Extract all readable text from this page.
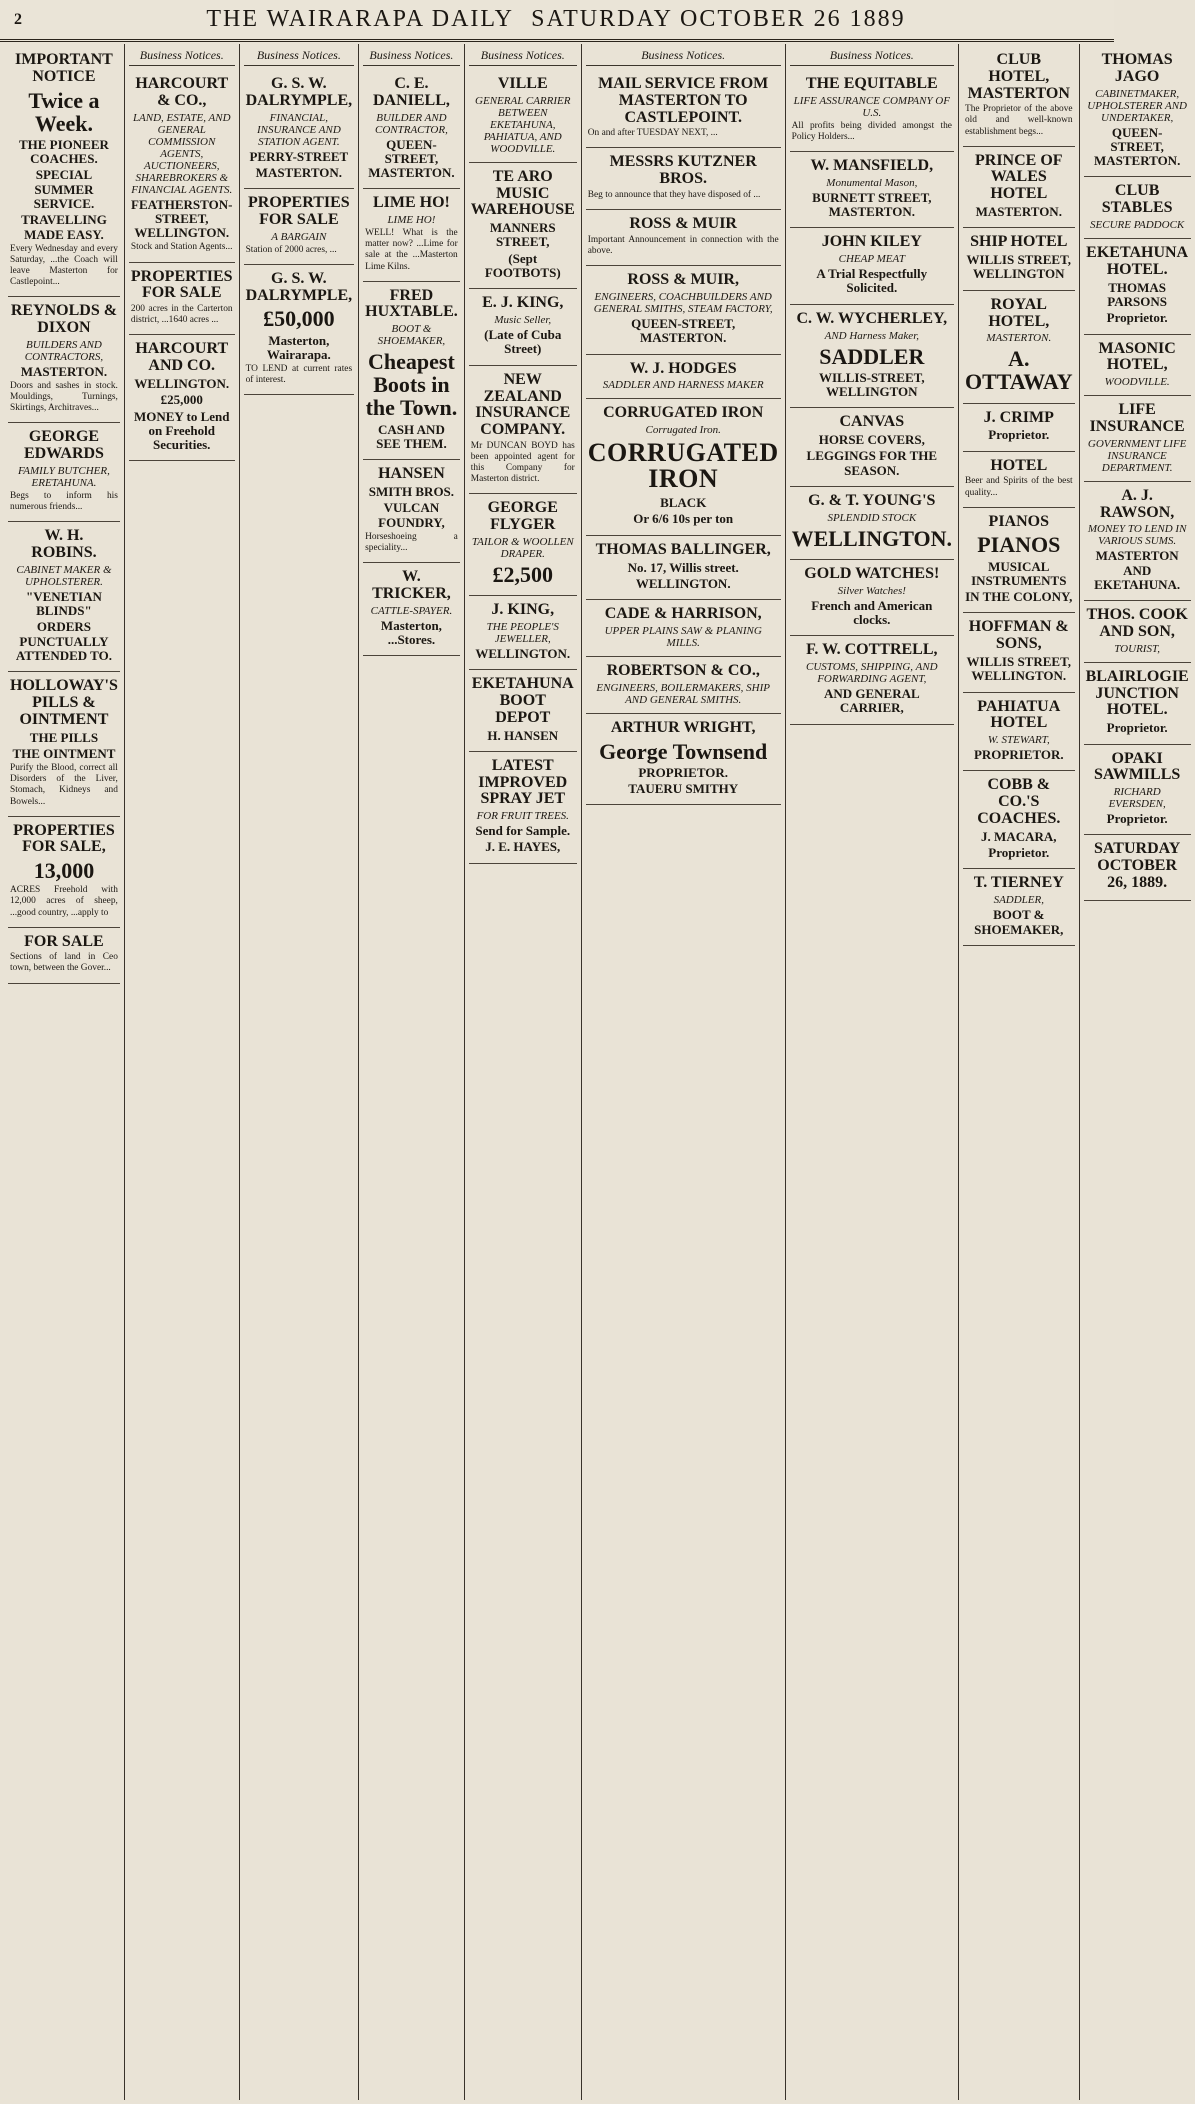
2	THE WAIRARAPA DAILY SATURDAY OCTOBER 26 1889
IMPORTANT NOTICE
Twice a Week.
THE PIONEER COACHES.
SPECIAL SUMMER SERVICE.
TRAVELLING MADE EASY.

Every Wednesday and every Saturday, ...the Coach will leave Masterton for Castlepoint...

REYNOLDS & DIXON
BUILDERS AND CONTRACTORS,
MASTERTON.

Doors and sashes in stock. Mouldings, Turnings, Skirtings, Architraves...

GEORGE EDWARDS
FAMILY BUTCHER, ERETAHUNA.

Begs to inform his numerous friends...

W. H. ROBINS.
CABINET MAKER & UPHOLSTERER.
"VENETIAN BLINDS"
ORDERS PUNCTUALLY ATTENDED TO.
HOLLOWAY'S PILLS & OINTMENT
THE PILLS
THE OINTMENT

Purify the Blood, correct all Disorders of the Liver, Stomach, Kidneys and Bowels...

PROPERTIES FOR SALE,
13,000

ACRES Freehold with 12,000 acres of sheep, ...good country, ...apply to

FOR SALE

Sections of land in Ceo town, between the Gover...

Business Notices.
HARCOURT & CO.,
LAND, ESTATE, AND GENERAL COMMISSION AGENTS, AUCTIONEERS, SHAREBROKERS & FINANCIAL AGENTS.
FEATHERSTON-STREET, WELLINGTON.

Stock and Station Agents...

PROPERTIES FOR SALE

200 acres in the Carterton district, ...1640 acres ...

HARCOURT AND CO.
WELLINGTON.
£25,000
MONEY to Lend on Freehold Securities.
Business Notices.
G. S. W. DALRYMPLE,
FINANCIAL, INSURANCE AND STATION AGENT.
PERRY-STREET
MASTERTON.
PROPERTIES FOR SALE
A BARGAIN

Station of 2000 acres, ...

G. S. W. DALRYMPLE,
£50,000
Masterton, Wairarapa.

TO LEND at current rates of interest.

Business Notices.
C. E. DANIELL,
BUILDER AND CONTRACTOR,
QUEEN-STREET, MASTERTON.
LIME HO!
LIME HO!

WELL! What is the matter now? ...Lime for sale at the ...Masterton Lime Kilns.

FRED HUXTABLE.
BOOT & SHOEMAKER,
Cheapest Boots in the Town.
CASH AND SEE THEM.
HANSEN
SMITH BROS.
VULCAN FOUNDRY,

Horseshoeing a speciality...

W. TRICKER,
CATTLE-SPAYER.
Masterton, ...Stores.
Business Notices.
VILLE
GENERAL CARRIER BETWEEN EKETAHUNA, PAHIATUA, AND WOODVILLE.
TE ARO MUSIC WAREHOUSE
MANNERS STREET,
(Sept FOOTBOTS)
E. J. KING,
Music Seller,
(Late of Cuba Street)
NEW ZEALAND INSURANCE COMPANY.

Mr DUNCAN BOYD has been appointed agent for this Company for Masterton district.

GEORGE FLYGER
TAILOR & WOOLLEN DRAPER.
£2,500
J. KING,
THE PEOPLE'S JEWELLER,
WELLINGTON.
EKETAHUNA BOOT DEPOT
H. HANSEN
LATEST IMPROVED SPRAY JET
FOR FRUIT TREES.
Send for Sample.
J. E. HAYES,
Business Notices.
MAIL SERVICE FROM MASTERTON TO CASTLEPOINT.

On and after TUESDAY NEXT, ...

MESSRS KUTZNER BROS.

Beg to announce that they have disposed of ...

ROSS & MUIR

Important Announcement in connection with the above.

ROSS & MUIR,
ENGINEERS, COACHBUILDERS AND GENERAL SMITHS, STEAM FACTORY,
QUEEN-STREET, MASTERTON.
W. J. HODGES
SADDLER AND HARNESS MAKER
CORRUGATED IRON
Corrugated Iron.
CORRUGATED IRON
BLACK
Or 6/6 10s per ton
THOMAS BALLINGER,
No. 17, Willis street.
WELLINGTON.
CADE & HARRISON,
UPPER PLAINS SAW & PLANING MILLS.
ROBERTSON & CO.,
ENGINEERS, BOILERMAKERS, SHIP AND GENERAL SMITHS.
ARTHUR WRIGHT,
George Townsend
PROPRIETOR.
TAUERU SMITHY
Business Notices.
THE EQUITABLE
LIFE ASSURANCE COMPANY OF U.S.

All profits being divided amongst the Policy Holders...

W. MANSFIELD,
Monumental Mason,
BURNETT STREET, MASTERTON.
JOHN KILEY
CHEAP MEAT
A Trial Respectfully Solicited.
C. W. WYCHERLEY,
AND Harness Maker,
SADDLER
WILLIS-STREET, WELLINGTON
CANVAS
HORSE COVERS,
LEGGINGS FOR THE SEASON.
G. & T. YOUNG'S
SPLENDID STOCK
WELLINGTON.
GOLD WATCHES!
Silver Watches!
French and American clocks.
F. W. COTTRELL,
CUSTOMS, SHIPPING, AND FORWARDING AGENT,
AND GENERAL CARRIER,
CLUB HOTEL, MASTERTON

The Proprietor of the above old and well-known establishment begs...

PRINCE OF WALES HOTEL
MASTERTON.
SHIP HOTEL
WILLIS STREET, WELLINGTON
ROYAL HOTEL,
MASTERTON.
A. OTTAWAY
J. CRIMP
Proprietor.
HOTEL

Beer and Spirits of the best quality...

PIANOS
PIANOS
MUSICAL INSTRUMENTS
IN THE COLONY,
HOFFMAN & SONS,
WILLIS STREET, WELLINGTON.
PAHIATUA HOTEL
W. STEWART,
PROPRIETOR.
COBB & CO.'S COACHES.
J. MACARA,
Proprietor.
T. TIERNEY
SADDLER,
BOOT & SHOEMAKER,
THOMAS JAGO
CABINETMAKER, UPHOLSTERER AND UNDERTAKER,
QUEEN-STREET, MASTERTON.
CLUB STABLES
SECURE PADDOCK
EKETAHUNA HOTEL.
THOMAS PARSONS
Proprietor.
MASONIC HOTEL,
WOODVILLE.
LIFE INSURANCE
GOVERNMENT LIFE INSURANCE DEPARTMENT.
A. J. RAWSON,
MONEY TO LEND IN VARIOUS SUMS.
MASTERTON AND EKETAHUNA.
THOS. COOK AND SON,
TOURIST,
BLAIRLOGIE JUNCTION HOTEL.
Proprietor.
OPAKI SAWMILLS
RICHARD EVERSDEN,
Proprietor.
SATURDAY OCTOBER 26, 1889.
